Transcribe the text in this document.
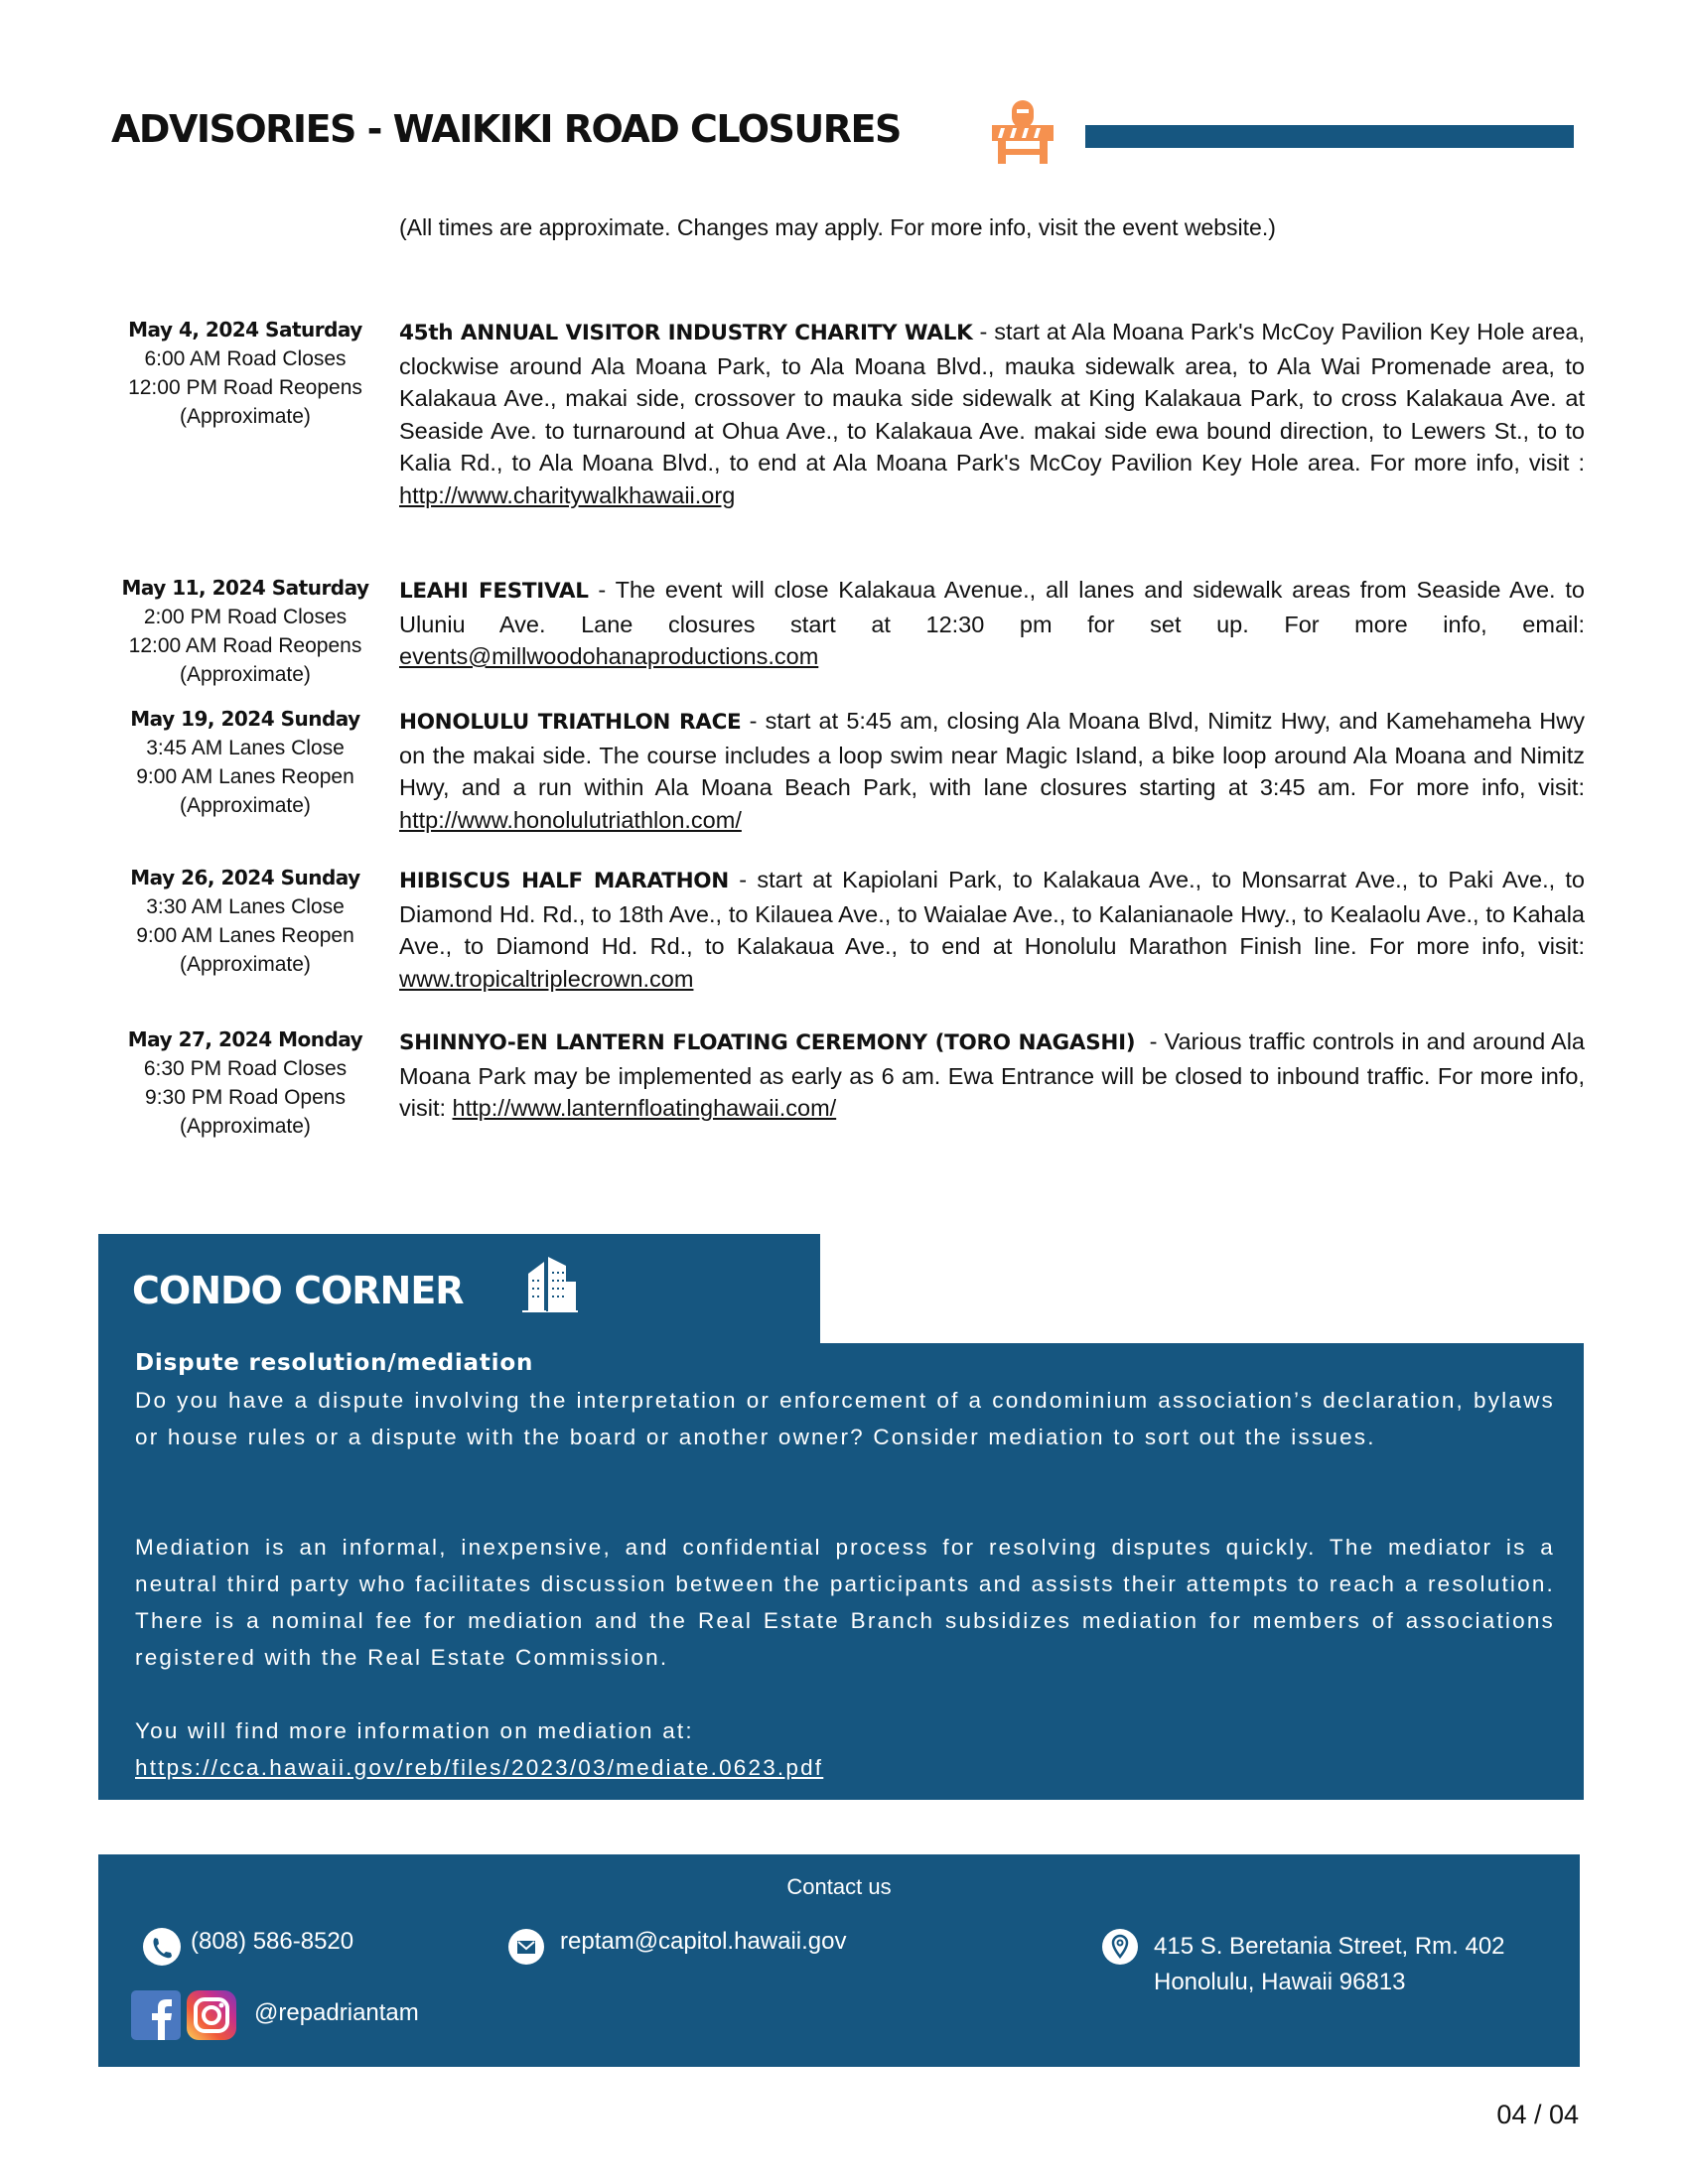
ADVISORIES - WAIKIKI ROAD CLOSURES
(All times are approximate. Changes may apply. For more info, visit the event website.)
May 4, 2024 Saturday
6:00 AM Road Closes
12:00 PM Road Reopens
(Approximate)
45th ANNUAL VISITOR INDUSTRY CHARITY WALK - start at Ala Moana Park's McCoy Pavilion Key Hole area, clockwise around Ala Moana Park, to Ala Moana Blvd., mauka sidewalk area, to Ala Wai Promenade area, to Kalakaua Ave., makai side, crossover to mauka side sidewalk at King Kalakaua Park, to cross Kalakaua Ave. at Seaside Ave. to turnaround at Ohua Ave., to Kalakaua Ave. makai side ewa bound direction, to Lewers St., to to Kalia Rd., to Ala Moana Blvd., to end at Ala Moana Park's McCoy Pavilion Key Hole area. For more info, visit : http://www.charitywalkhawaii.org
May 11, 2024 Saturday
2:00 PM Road Closes
12:00 AM Road Reopens
(Approximate)
LEAHI FESTIVAL - The event will close Kalakaua Avenue., all lanes and sidewalk areas from Seaside Ave. to Uluniu Ave. Lane closures start at 12:30 pm for set up. For more info, email: events@millwoodohanaproductions.com
May 19, 2024 Sunday
3:45 AM Lanes Close
9:00 AM Lanes Reopen
(Approximate)
HONOLULU TRIATHLON RACE - start at 5:45 am, closing Ala Moana Blvd, Nimitz Hwy, and Kamehameha Hwy on the makai side. The course includes a loop swim near Magic Island, a bike loop around Ala Moana and Nimitz Hwy, and a run within Ala Moana Beach Park, with lane closures starting at 3:45 am. For more info, visit: http://www.honolulutriathlon.com/
May 26, 2024 Sunday
3:30 AM Lanes Close
9:00 AM Lanes Reopen
(Approximate)
HIBISCUS HALF MARATHON - start at Kapiolani Park, to Kalakaua Ave., to Monsarrat Ave., to Paki Ave., to Diamond Hd. Rd., to 18th Ave., to Kilauea Ave., to Waialae Ave., to Kalanianaole Hwy., to Kealaolu Ave., to Kahala Ave., to Diamond Hd. Rd., to Kalakaua Ave., to end at Honolulu Marathon Finish line. For more info, visit: www.tropicaltriplecrown.com
May 27, 2024 Monday
6:30 PM Road Closes
9:30 PM Road Opens
(Approximate)
SHINNYO-EN LANTERN FLOATING CEREMONY (TORO NAGASHI)  - Various traffic controls in and around Ala Moana Park may be implemented as early as 6 am. Ewa Entrance will be closed to inbound traffic. For more info, visit: http://www.lanternfloatinghawaii.com/
CONDO CORNER
Dispute resolution/mediation
Do you have a dispute involving the interpretation or enforcement of a condominium association’s declaration, bylaws or house rules or a dispute with the board or another owner? Consider mediation to sort out the issues.
Mediation is an informal, inexpensive, and confidential process for resolving disputes quickly. The mediator is a neutral third party who facilitates discussion between the participants and assists their attempts to reach a resolution. There is a nominal fee for mediation and the Real Estate Branch subsidizes mediation for members of associations registered with the Real Estate Commission.
You will find more information on mediation at:
https://cca.hawaii.gov/reb/files/2023/03/mediate.0623.pdf
Contact us
(808) 586-8520	reptam@capitol.hawaii.gov	415 S. Beretania Street, Rm. 402
Honolulu, Hawaii 96813
@repadriantam
04 / 04
